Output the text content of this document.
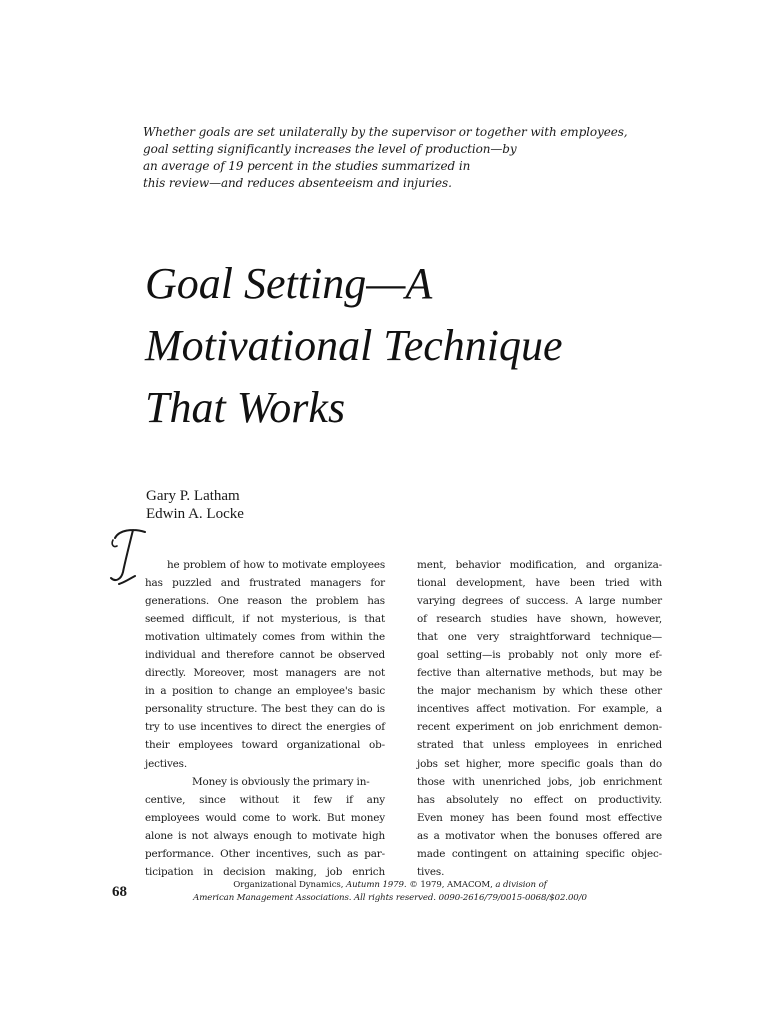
Whether goals are set unilaterally by the supervisor or together with employees,
goal setting significantly increases the level of production—by
an average of 19 percent in the studies summarized in
this review—and reduces absenteeism and injuries.
Goal Setting—A
Motivational Technique
That Works
Gary P. Latham
Edwin A. Locke
he problem of how to motivate employees
has puzzled and frustrated managers for
generations. One reason the problem has
seemed difficult, if not mysterious, is that
motivation ultimately comes from within the
individual and therefore cannot be observed
directly. Moreover, most managers are not
in a position to change an employee's basic
personality structure. The best they can do is
try to use incentives to direct the energies of
their employees toward organizational ob-
jectives.
Money is obviously the primary in-
centive, since without it few if any
employees would come to work. But money
alone is not always enough to motivate high
performance. Other incentives, such as par-
ticipation in decision making, job enrich
ment, behavior modification, and organiza-
tional development, have been tried with
varying degrees of success. A large number
of research studies have shown, however,
that one very straightforward technique—
goal setting—is probably not only more ef-
fective than alternative methods, but may be
the major mechanism by which these other
incentives affect motivation. For example, a
recent experiment on job enrichment demon-
strated that unless employees in enriched
jobs set higher, more specific goals than do
those with unenriched jobs, job enrichment
has absolutely no effect on productivity.
Even money has been found most effective
as a motivator when the bonuses offered are
made contingent on attaining specific objec-
tives.
68	Organizational Dynamics, Autumn 1979. © 1979, AMACOM, a division of
American Management Associations. All rights reserved. 0090-2616/79/0015-0068/$02.00/0
